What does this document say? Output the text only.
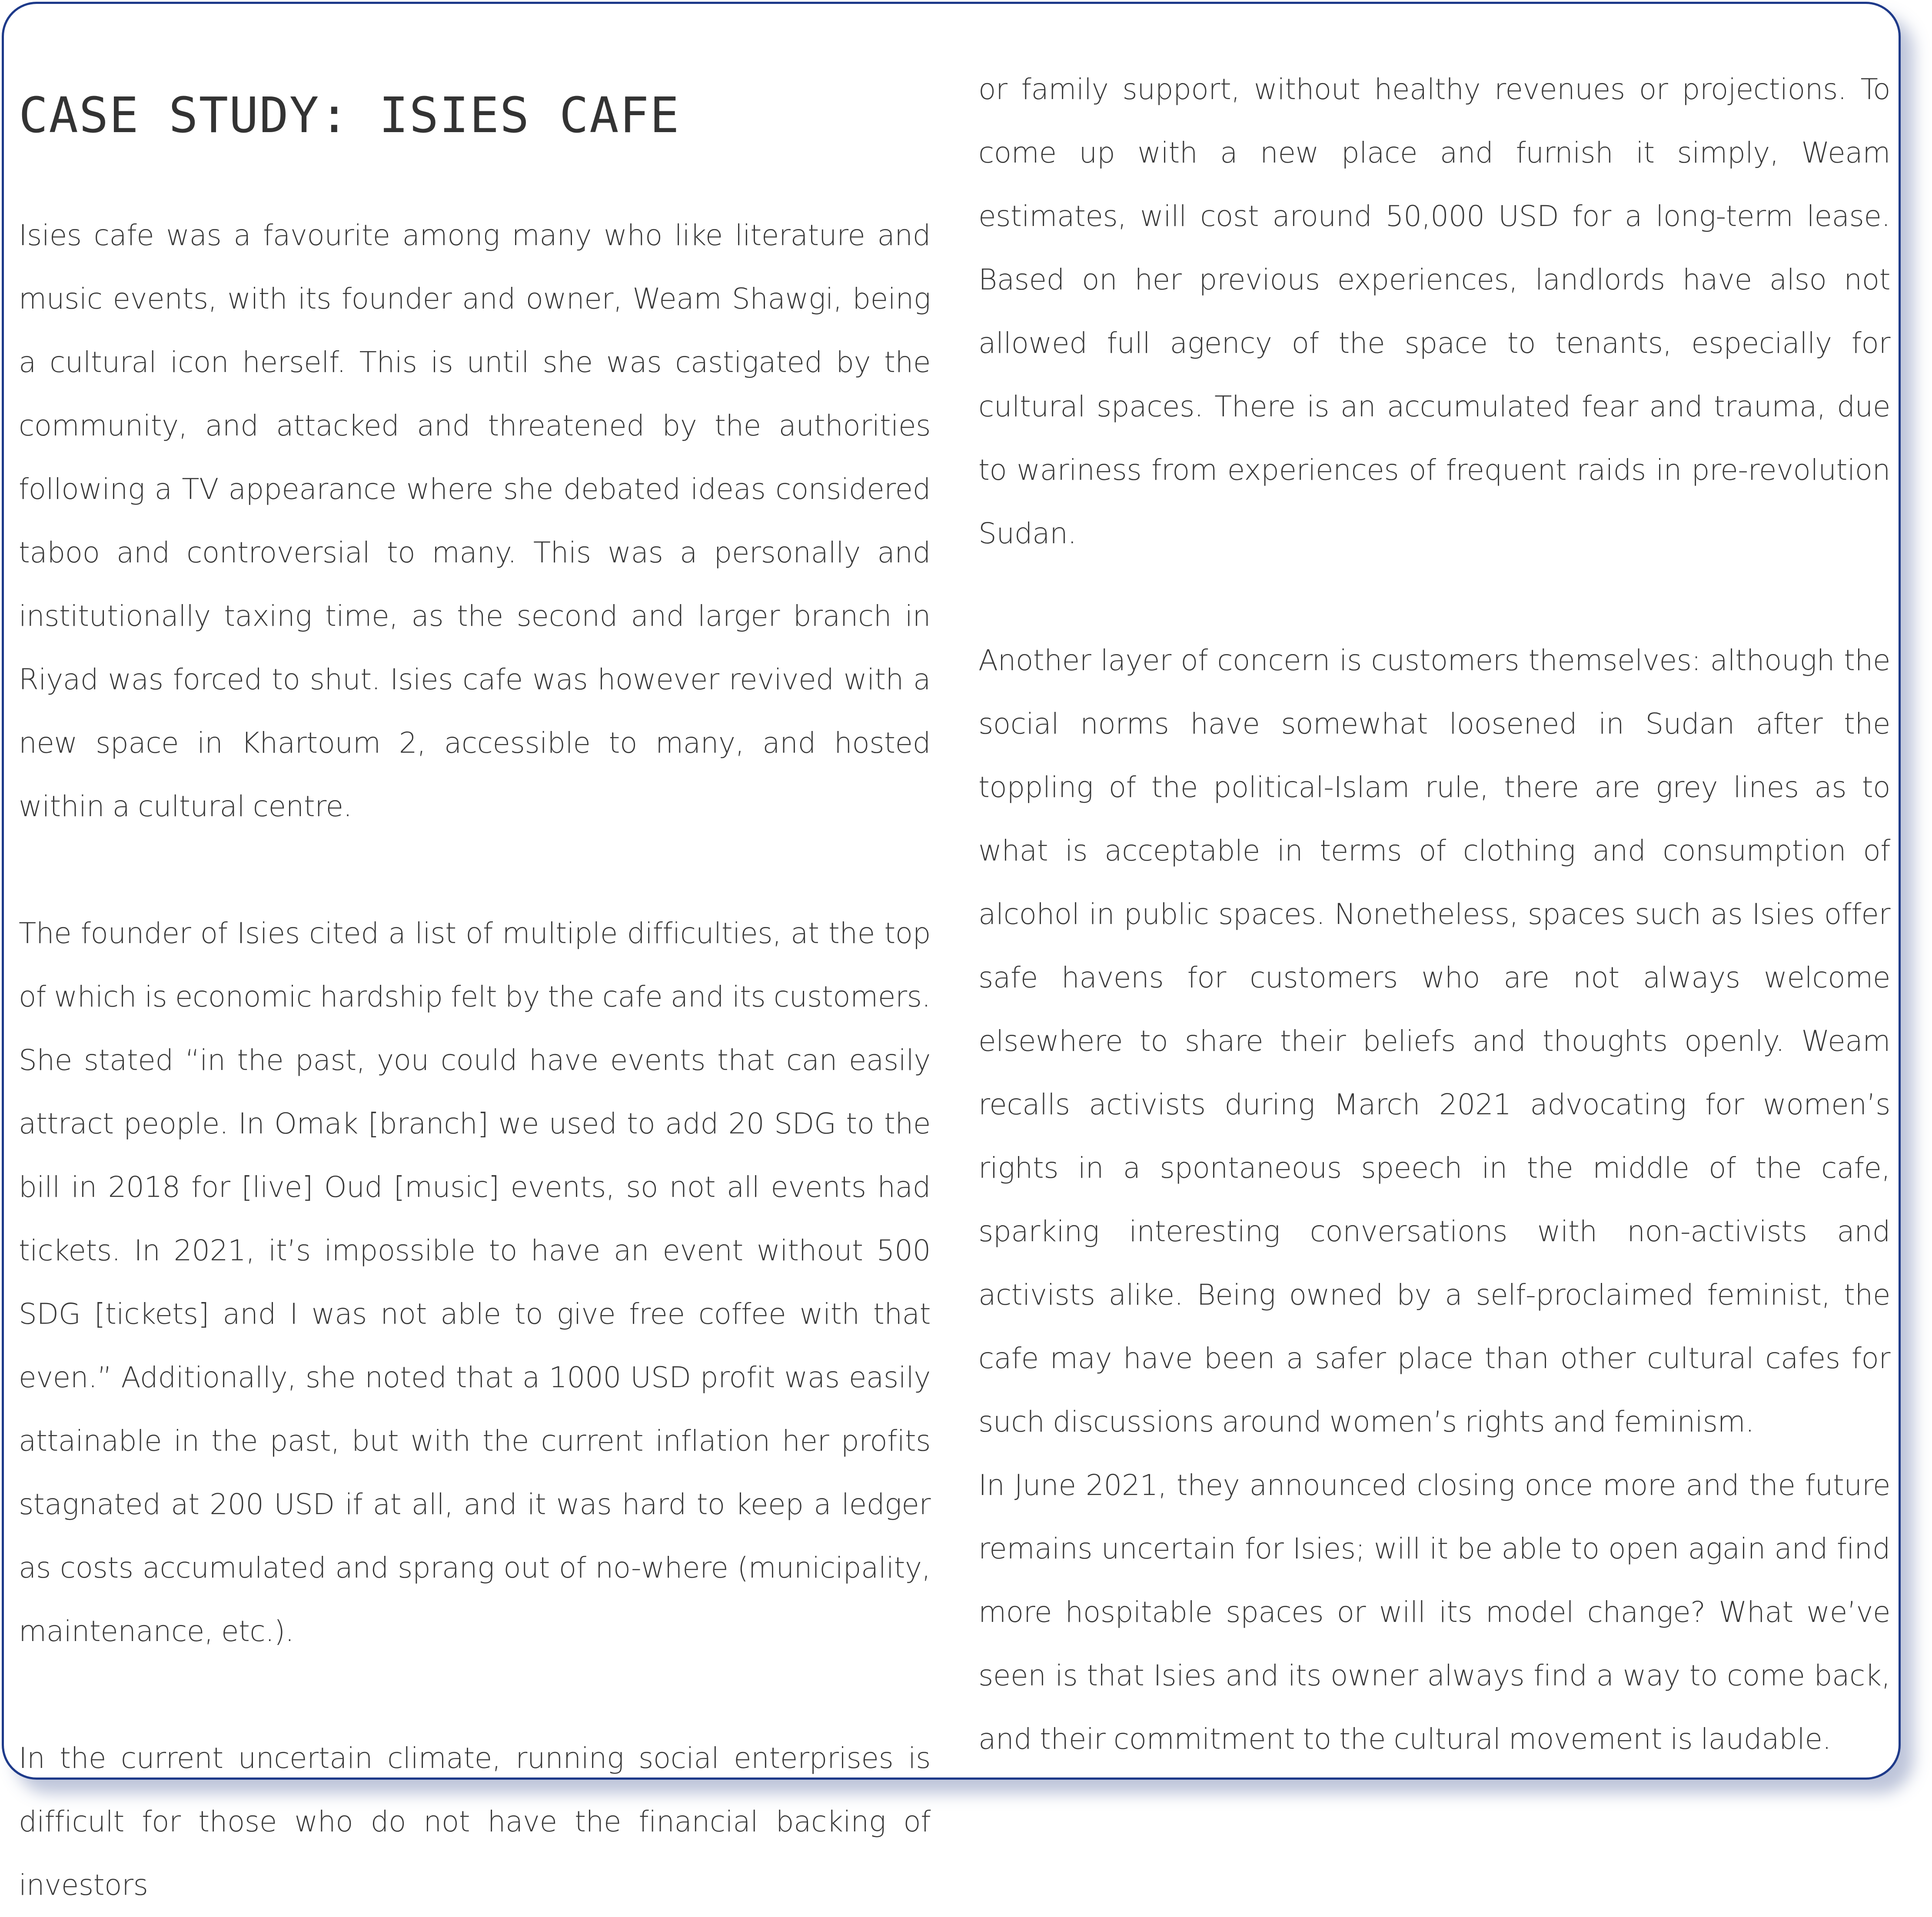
CASE STUDY: ISIES CAFE

Isies cafe was a favourite among many who like literature and music events, with its founder and owner, Weam Shawgi, being a cultural icon herself. This is until she was castigated by the community, and attacked and threatened by the authorities following a TV appearance where she debated ideas considered taboo and controversial to many. This was a personally and institutionally taxing time, as the second and larger branch in Riyad was forced to shut. Isies cafe was however revived with a new space in Khartoum 2, accessible to many, and hosted within a cultural centre.

The founder of Isies cited a list of multiple difficulties, at the top of which is economic hardship felt by the cafe and its customers. She stated “in the past, you could have events that can easily attract people. In Omak [branch] we used to add 20 SDG to the bill in 2018 for [live] Oud [music] events, so not all events had tickets. In 2021, it’s impossible to have an event without 500 SDG [tickets] and I was not able to give free coffee with that even.” Additionally, she noted that a 1000 USD profit was easily attainable in the past, but with the current inflation her profits stagnated at 200 USD if at all, and it was hard to keep a ledger as costs accumulated and sprang out of no-where (municipality, maintenance, etc.).

In the current uncertain climate, running social enterprises is difficult for those who do not have the financial backing of investors

or family support, without healthy revenues or projections. To come up with a new place and furnish it simply, Weam estimates, will cost around 50,000 USD for a long-term lease. Based on her previous experiences, landlords have also not allowed full agency of the space to tenants, especially for cultural spaces. There is an accumulated fear and trauma, due to wariness from experiences of frequent raids in pre-revolution Sudan.

Another layer of concern is customers themselves: although the social norms have somewhat loosened in Sudan after the toppling of the political-Islam rule, there are grey lines as to what is acceptable in terms of clothing and consumption of alcohol in public spaces. Nonetheless, spaces such as Isies offer safe havens for customers who are not always welcome elsewhere to share their beliefs and thoughts openly. Weam recalls activists during March 2021 advocating for women’s rights in a spontaneous speech in the middle of the cafe, sparking interesting conversations with non-activists and activists alike. Being owned by a self-proclaimed feminist, the cafe may have been a safer place than other cultural cafes for such discussions around women’s rights and feminism.

In June 2021, they announced closing once more and the future remains uncertain for Isies; will it be able to open again and find more hospitable spaces or will its model change? What we’ve seen is that Isies and its owner always find a way to come back, and their commitment to the cultural movement is laudable.
